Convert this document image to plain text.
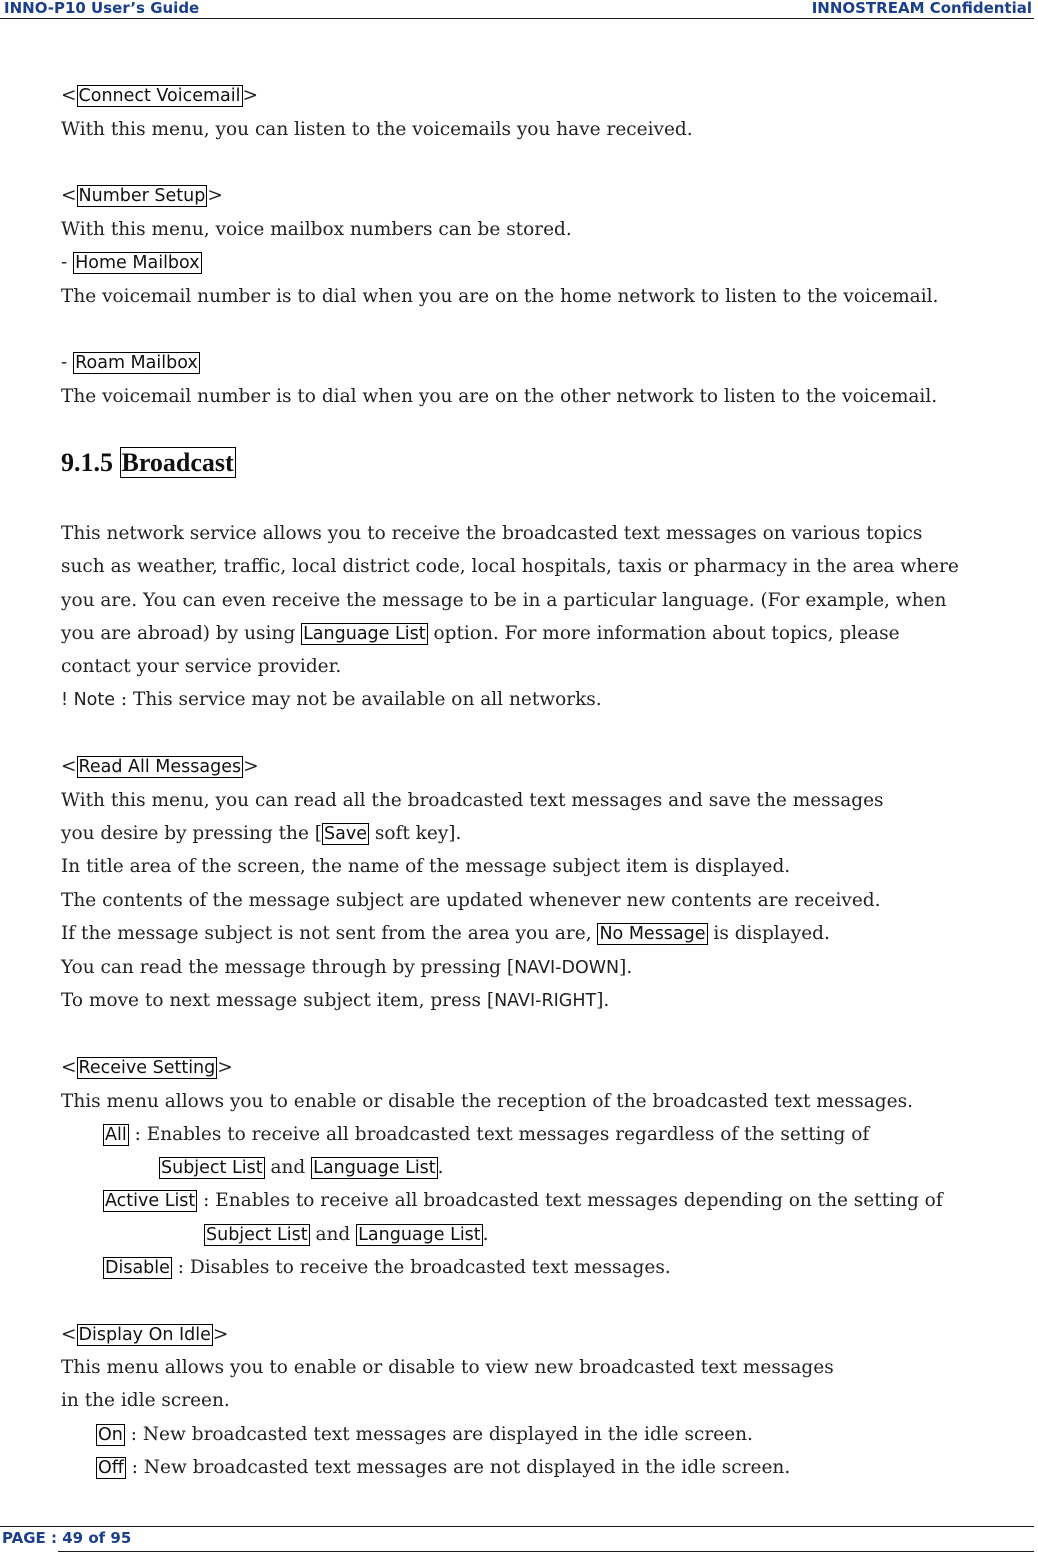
INNO-P10 User’s Guide	INNOSTREAM Confidential
< Connect Voicemail >
With this menu, you can listen to the voicemails you have received.
< Number Setup >
With this menu, voice mailbox numbers can be stored.
- Home Mailbox
The voicemail number is to dial when you are on the home network to listen to the voicemail.
- Roam Mailbox
The voicemail number is to dial when you are on the other network to listen to the voicemail.
9.1.5 Broadcast
This network service allows you to receive the broadcasted text messages on various topics
such as weather, traffic, local district code, local hospitals, taxis or pharmacy in the area where
you are. You can even receive the message to be in a particular language. (For example, when
you are abroad) by using Language List option. For more information about topics, please
contact your service provider.
! Note : This service may not be available on all networks.
< Read All Messages >
With this menu, you can read all the broadcasted text messages and save the messages
you desire by pressing the [ Save soft key].
In title area of the screen, the name of the message subject item is displayed.
The contents of the message subject are updated whenever new contents are received.
If the message subject is not sent from the area you are, No Message is displayed.
You can read the message through by pressing [NAVI-DOWN].
To move to next message subject item, press [NAVI-RIGHT].
< Receive Setting >
This menu allows you to enable or disable the reception of the broadcasted text messages.
All : Enables to receive all broadcasted text messages regardless of the setting of
Subject List and Language List .
Active List : Enables to receive all broadcasted text messages depending on the setting of
Subject List and Language List .
Disable : Disables to receive the broadcasted text messages.
< Display On Idle >
This menu allows you to enable or disable to view new broadcasted text messages
in the idle screen.
On : New broadcasted text messages are displayed in the idle screen.
Off : New broadcasted text messages are not displayed in the idle screen.
PAGE : 49 of 95
